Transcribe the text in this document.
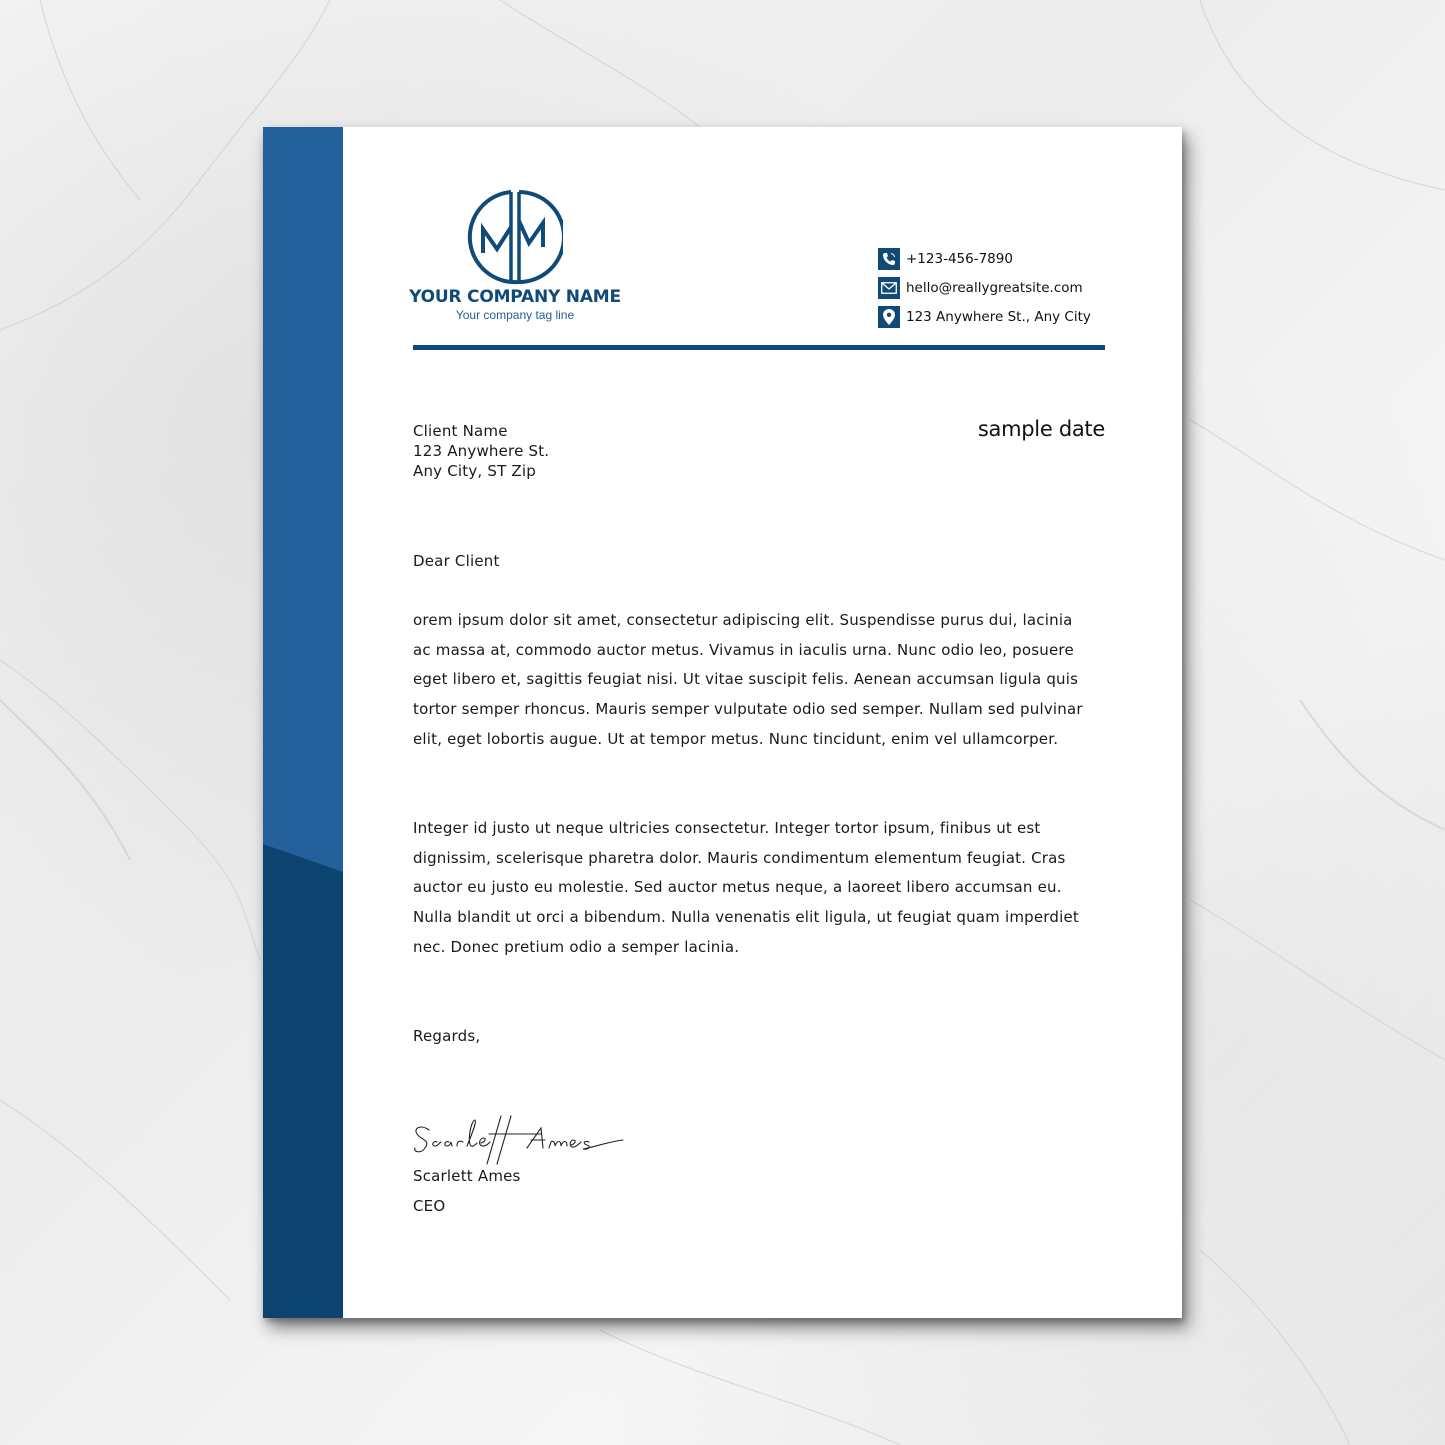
YOUR COMPANY NAME
Your company tag line
+123-456-7890
hello@reallygreatsite.com
123 Anywhere St., Any City
Client Name
123 Anywhere St.
Any City, ST Zip
sample date
Dear Client
orem ipsum dolor sit amet, consectetur adipiscing elit. Suspendisse purus dui, lacinia ac massa at, commodo auctor metus. Vivamus in iaculis urna. Nunc odio leo, posuere eget libero et, sagittis feugiat nisi. Ut vitae suscipit felis. Aenean accumsan ligula quis tortor semper rhoncus. Mauris semper vulputate odio sed semper. Nullam sed pulvinar elit, eget lobortis augue. Ut at tempor metus. Nunc tincidunt, enim vel ullamcorper.
Integer id justo ut neque ultricies consectetur. Integer tortor ipsum, finibus ut est dignissim, scelerisque pharetra dolor. Mauris condimentum elementum feugiat. Cras auctor eu justo eu molestie. Sed auctor metus neque, a laoreet libero accumsan eu. Nulla blandit ut orci a bibendum. Nulla venenatis elit ligula, ut feugiat quam imperdiet nec. Donec pretium odio a semper lacinia.
Regards,
Scarlett Ames
CEO
